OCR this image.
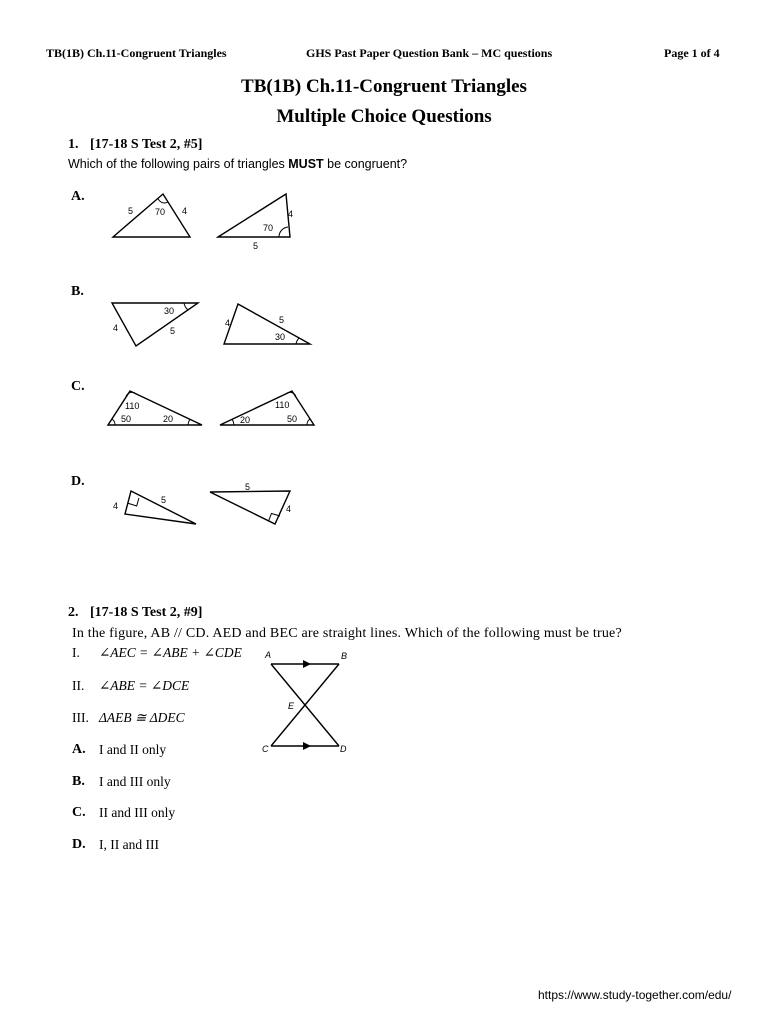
TB(1B) Ch.11-Congruent Triangles	GHS Past Paper Question Bank – MC questions	Page 1 of 4
TB(1B) Ch.11-Congruent Triangles
Multiple Choice Questions
1. [17-18 S Test 2, #5]
Which of the following pairs of triangles MUST be congruent?
A.
5 70 4	4
70
5
B.
30
4	5
4	5
30
C.
110
50	20
110
20	50
D.
4
5
5
4
2. [17-18 S Test 2, #9]
In the figure, AB // CD. AED and BEC are straight lines. Which of the following must be true?
I. ∠AEC = ∠ABE + ∠CDE
II. ∠ABE = ∠DCE
III. ΔAEB ≅ ΔDEC
A. I and II only
B. I and III only
C. II and III only
D. I, II and III
A	B
E
C	D
https://www.study-together.com/edu/
